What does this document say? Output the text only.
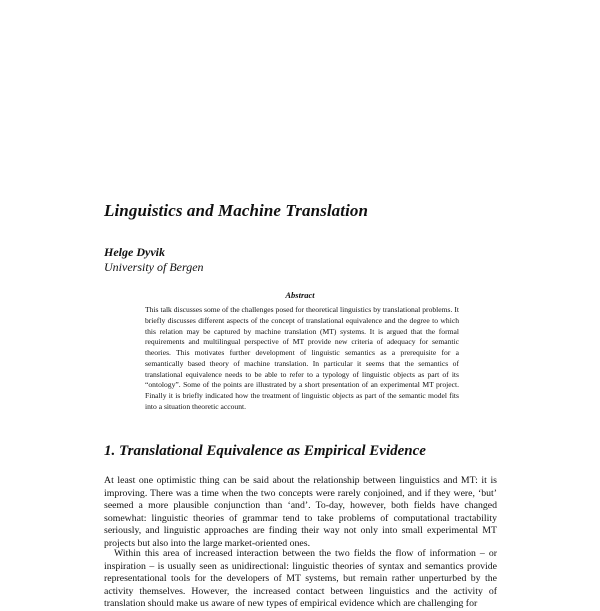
Linguistics and Machine Translation
Helge Dyvik
University of Bergen
Abstract

This talk discusses some of the challenges posed for theoretical linguistics by translational problems. It briefly discusses different aspects of the concept of translational equivalence and the degree to which this relation may be captured by machine translation (MT) systems. It is argued that the formal requirements and multilingual perspective of MT provide new criteria of adequacy for semantic theories. This motivates further development of linguistic semantics as a prerequisite for a semantically based theory of machine translation. In particular it seems that the semantics of translational equivalence needs to be able to refer to a typology of linguistic objects as part of its “ontology”. Some of the points are illustrated by a short presentation of an experimental MT project. Finally it is briefly indicated how the treatment of linguistic objects as part of the semantic model fits into a situation theoretic account.

1. Translational Equivalence as Empirical Evidence

At least one optimistic thing can be said about the relationship between linguistics and MT: it is improving. There was a time when the two concepts were rarely conjoined, and if they were, ‘but’ seemed a more plausible conjunction than ‘and’. To-day, however, both fields have changed somewhat: linguistic theories of grammar tend to take problems of computational tractability seriously, and linguistic approaches are finding their way not only into small experimental MT projects but also into the large market-oriented ones.

Within this area of increased interaction between the two fields the flow of information – or inspiration – is usually seen as unidirectional: linguistic theories of syntax and semantics provide representational tools for the developers of MT systems, but remain rather unperturbed by the activity themselves. However, the increased contact between linguistics and the activity of translation should make us aware of new types of empirical evidence which are challenging for
